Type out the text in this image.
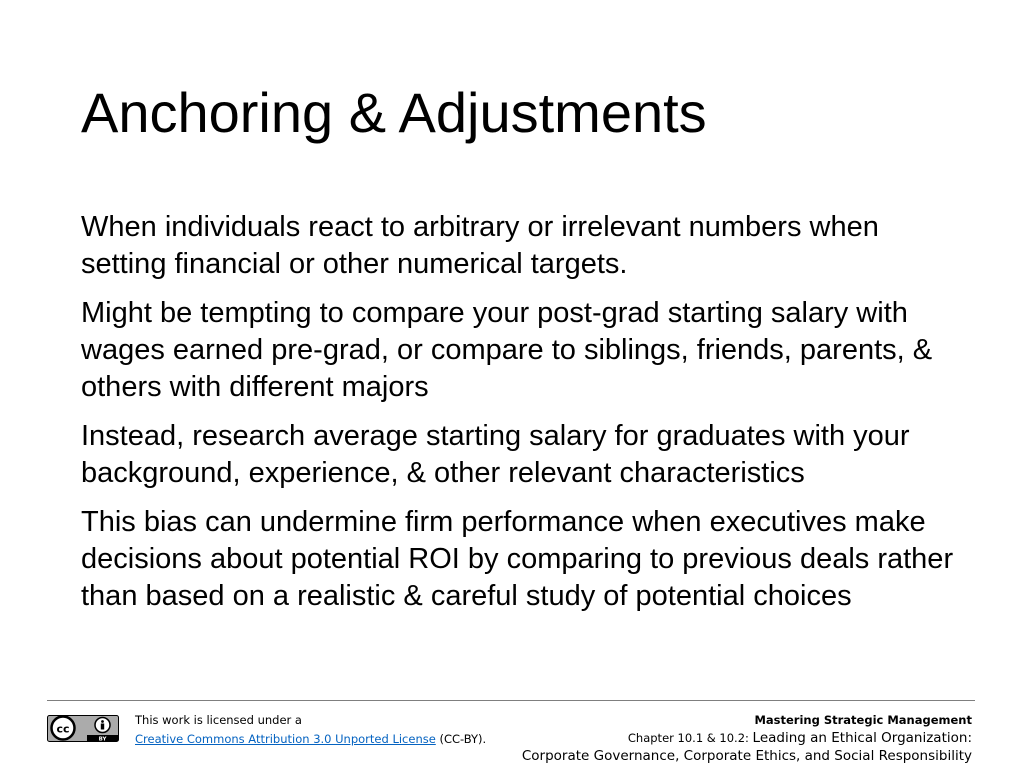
Anchoring & Adjustments

When individuals react to arbitrary or irrelevant numbers when setting financial or other numerical targets.

Might be tempting to compare your post-grad starting salary with wages earned pre-grad, or compare to siblings, friends, parents, & others with different majors

Instead, research average starting salary for graduates with your background, experience, & other relevant characteristics

This bias can undermine firm performance when executives make decisions about potential ROI by comparing to previous deals rather than based on a realistic & careful study of potential choices

cc
BY
This work is licensed under a
Creative Commons Attribution 3.0 Unported License (CC-BY).
Mastering Strategic Management
Chapter 10.1 & 10.2: Leading an Ethical Organization:
Corporate Governance, Corporate Ethics, and Social Responsibility
